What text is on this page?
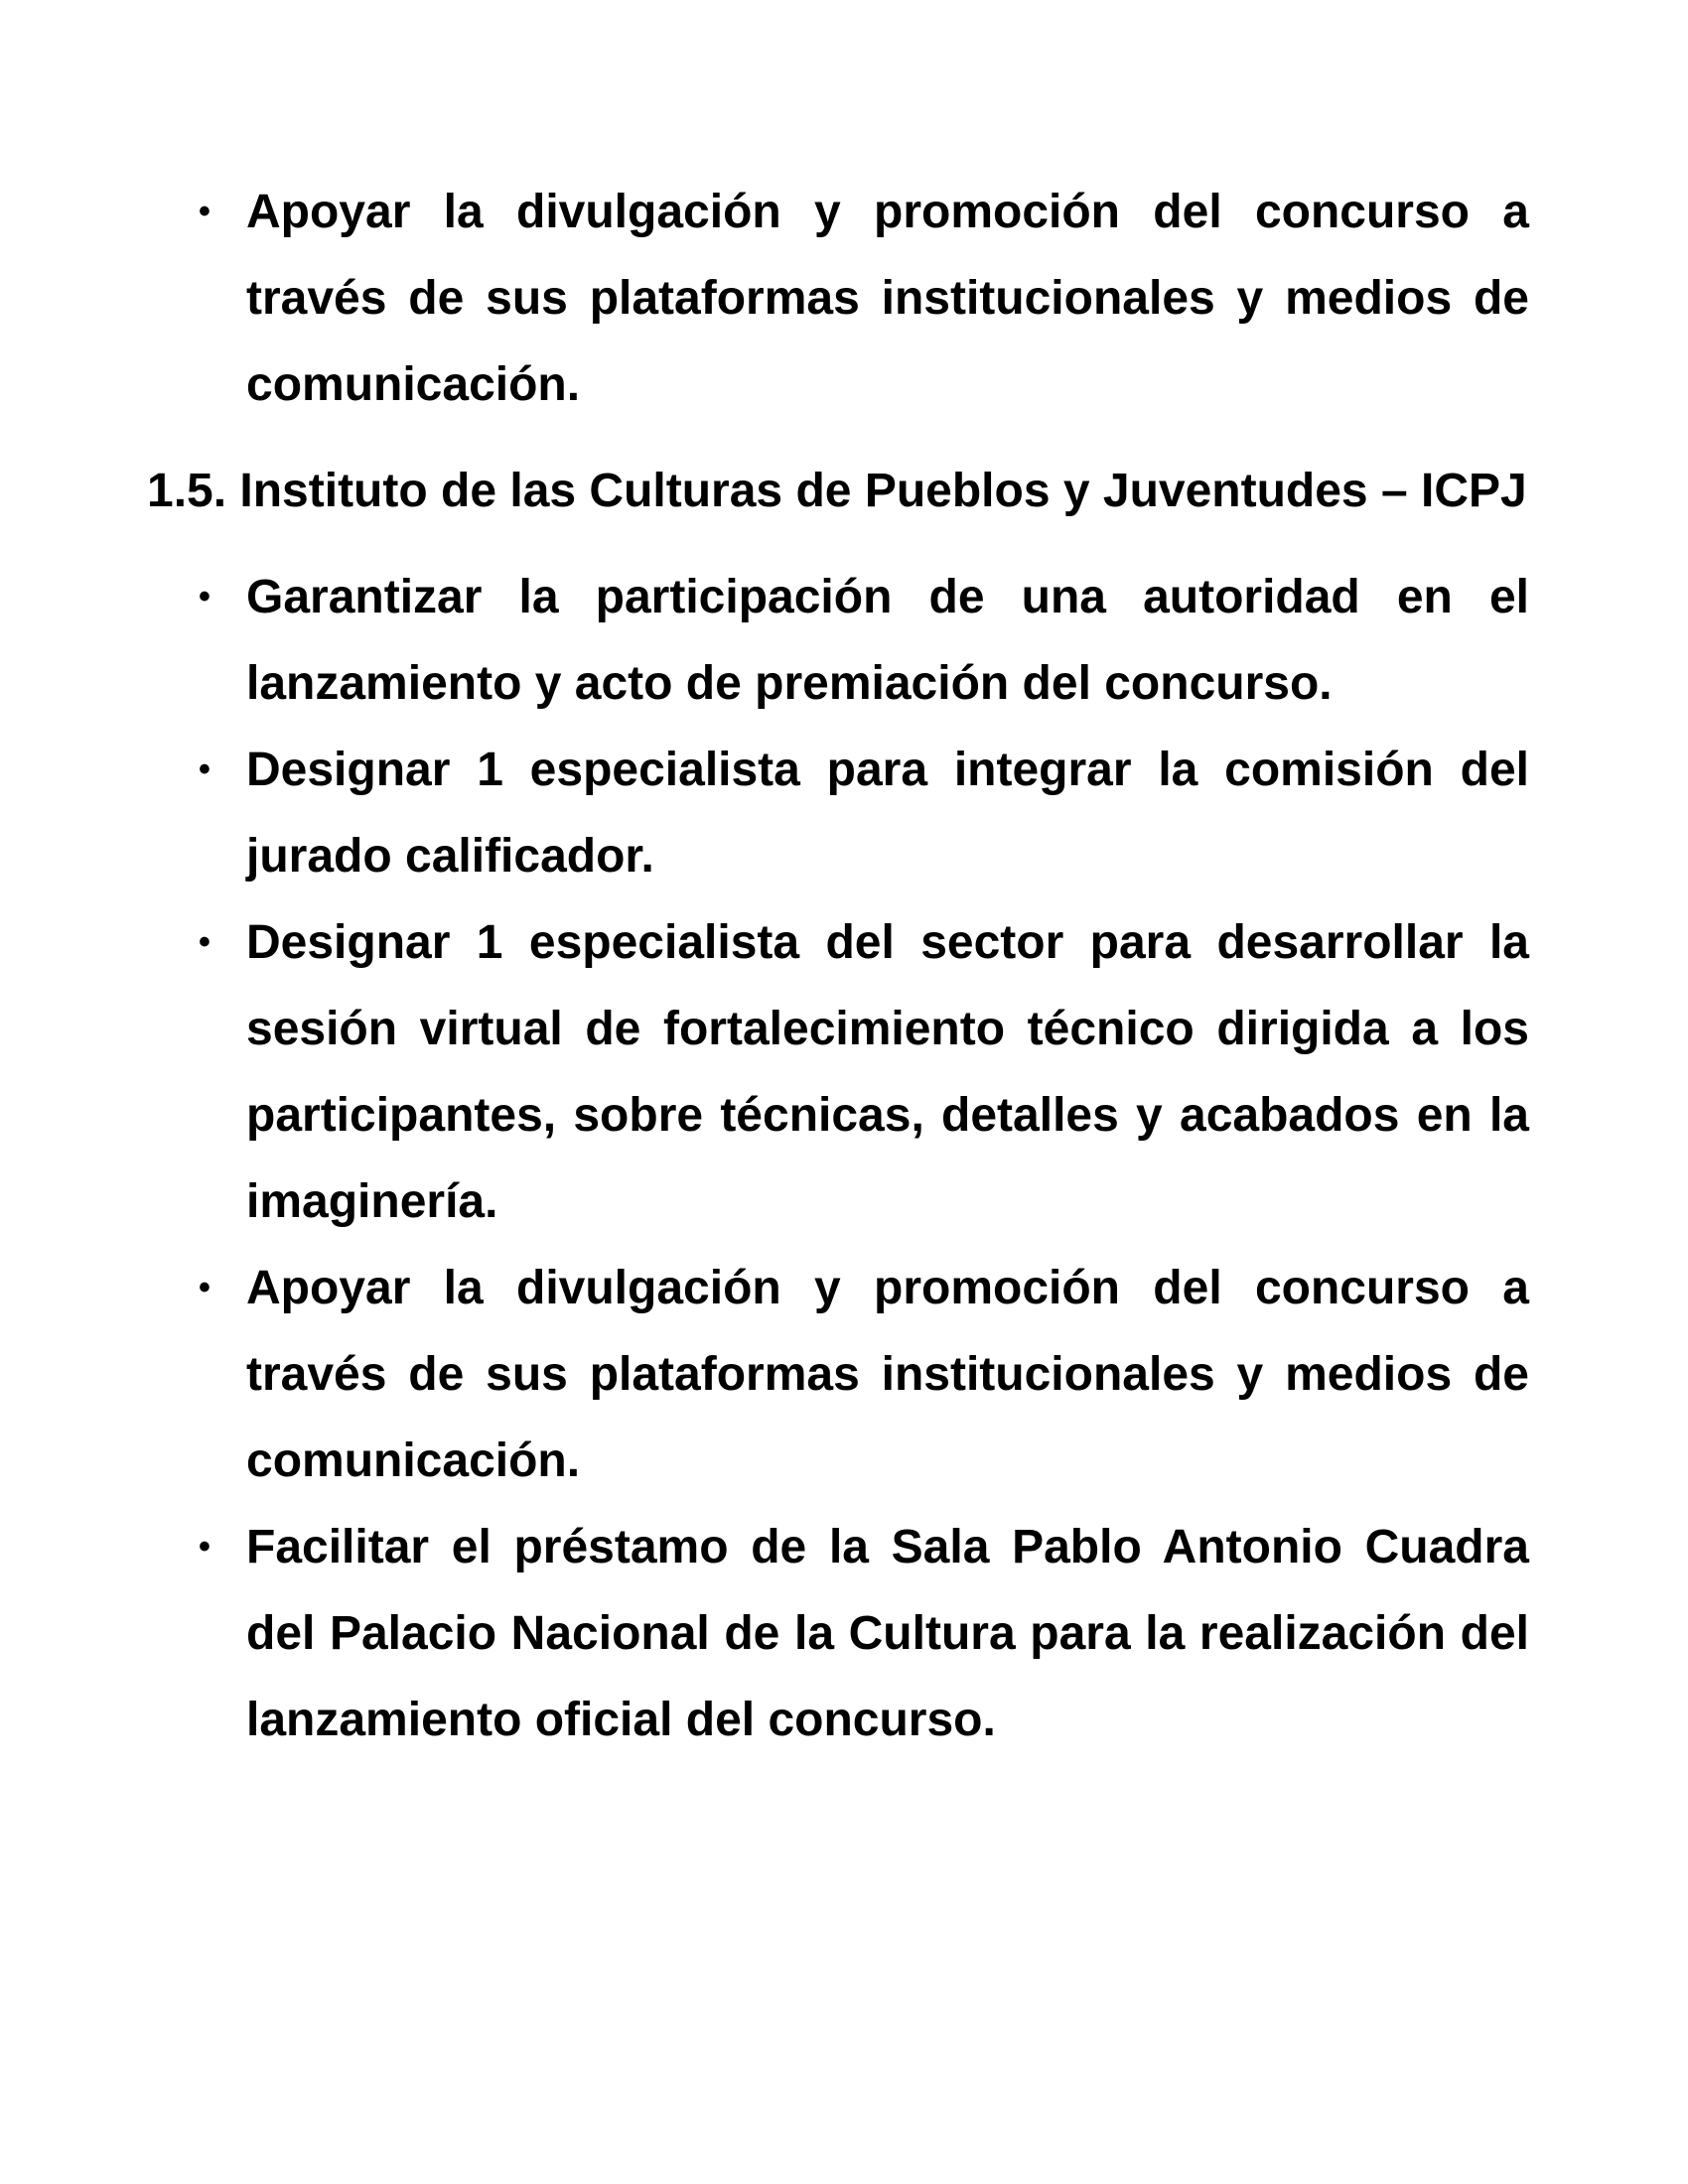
• Apoyar la divulgación y promoción del concurso a través de sus plataformas institucionales y medios de comunicación.
1.5. Instituto de las Culturas de Pueblos y Juventudes – ICPJ
• Garantizar la participación de una autoridad en el lanzamiento y acto de premiación del concurso.
• Designar 1 especialista para integrar la comisión del jurado calificador.
• Designar 1 especialista del sector para desarrollar la sesión virtual de fortalecimiento técnico dirigida a los participantes, sobre técnicas, detalles y acabados en la imaginería.
• Apoyar la divulgación y promoción del concurso a través de sus plataformas institucionales y medios de comunicación.
• Facilitar el préstamo de la Sala Pablo Antonio Cuadra del Palacio Nacional de la Cultura para la realización del lanzamiento oficial del concurso.
